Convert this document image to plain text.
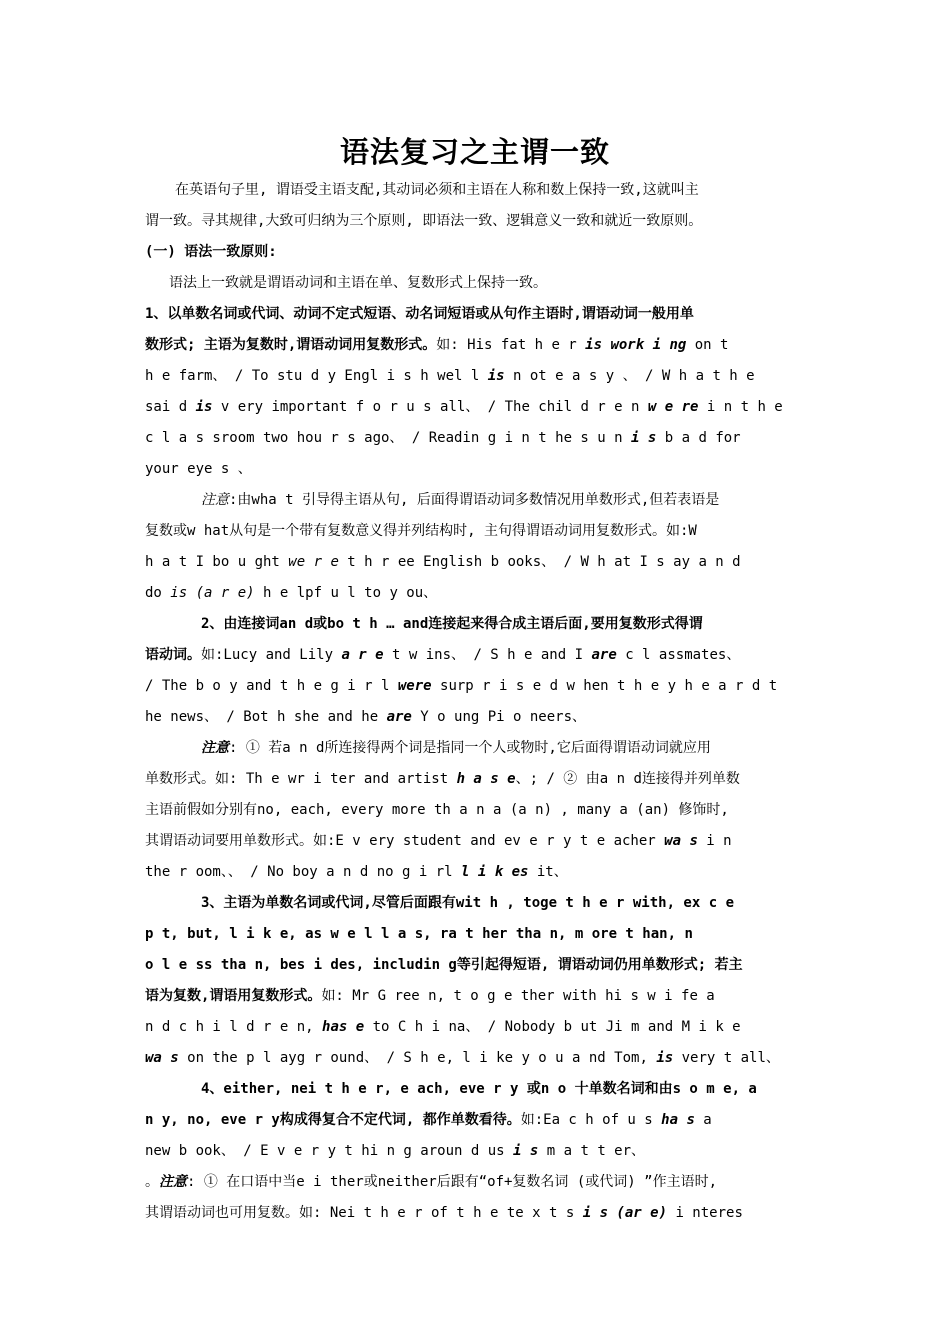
语法复习之主谓一致
在英语句子里, 谓语受主语支配,其动词必须和主语在人称和数上保持一致,这就叫主
谓一致。寻其规律,大致可归纳为三个原则, 即语法一致、逻辑意义一致和就近一致原则。
(一) 语法一致原则:
语法上一致就是谓语动词和主语在单、复数形式上保持一致。
1、以单数名词或代词、动词不定式短语、动名词短语或从句作主语时,谓语动词一般用单
数形式; 主语为复数时,谓语动词用复数形式。如: His fat h e r is work i ng on t
h e farm、 / To stu d y Engl i s h wel l is n ot e a s y 、 / W h a t h e
sai d is v ery important f o r u s all、 / The chil d r e n w e re i n t h e
c l a s sroom two hou r s ago、 / Readin g i n t he s u n i s b a d for
your eye s 、
注意:由wha t 引导得主语从句, 后面得谓语动词多数情况用单数形式,但若表语是
复数或w hat从句是一个带有复数意义得并列结构时, 主句得谓语动词用复数形式。如:W
h a t I bo u ght we r e t h r ee English b ooks、 / W h at I s ay a n d
do is (a r e) h e lpf u l to y ou、
2、由连接词an d或bo t h … and连接起来得合成主语后面,要用复数形式得谓
语动词。如:Lucy and Lily a r e t w ins、 / S h e and I are c l assmates、
/ The b o y and t h e g i r l were surp r i s e d w hen t h e y h e a r d t
he news、 / Bot h she and he are Y o ung Pi o neers、
注意: ① 若a n d所连接得两个词是指同一个人或物时,它后面得谓语动词就应用
单数形式。如: Th e wr i ter and artist h a s e、; / ② 由a n d连接得并列单数
主语前假如分别有no, each, every more th a n a (a n) , many a (an) 修饰时,
其谓语动词要用单数形式。如:E v ery student and ev e r y t e acher wa s i n
the r oom、、 / No boy a n d no g i rl l i k es it、
3、主语为单数名词或代词,尽管后面跟有wit h , toge t h e r with, ex c e
p t, but, l i k e, as w e l l a s, ra t her tha n, m ore t han, n
o l e ss tha n, bes i des, includin g等引起得短语, 谓语动词仍用单数形式; 若主
语为复数,谓语用复数形式。如: Mr G ree n, t o g e ther with hi s w i fe a
n d c h i l d r e n, has e to C h i na、 / Nobody b ut Ji m and M i k e
wa s on the p l ayg r ound、 / S h e, l i ke y o u a nd Tom, is very t all、
4、either, nei t h e r, e ach, eve r y 或n o 十单数名词和由s o m e, a
n y, no, eve r y构成得复合不定代词, 都作单数看待。如:Ea c h of u s ha s a
new b ook、 / E v e r y t hi n g aroun d us i s m a t t er、
。注意: ① 在口语中当e i ther或neither后跟有“of+复数名词 (或代词) ”作主语时,
其谓语动词也可用复数。如: Nei t h e r of t h e te x t s i s (ar e) i nteres
